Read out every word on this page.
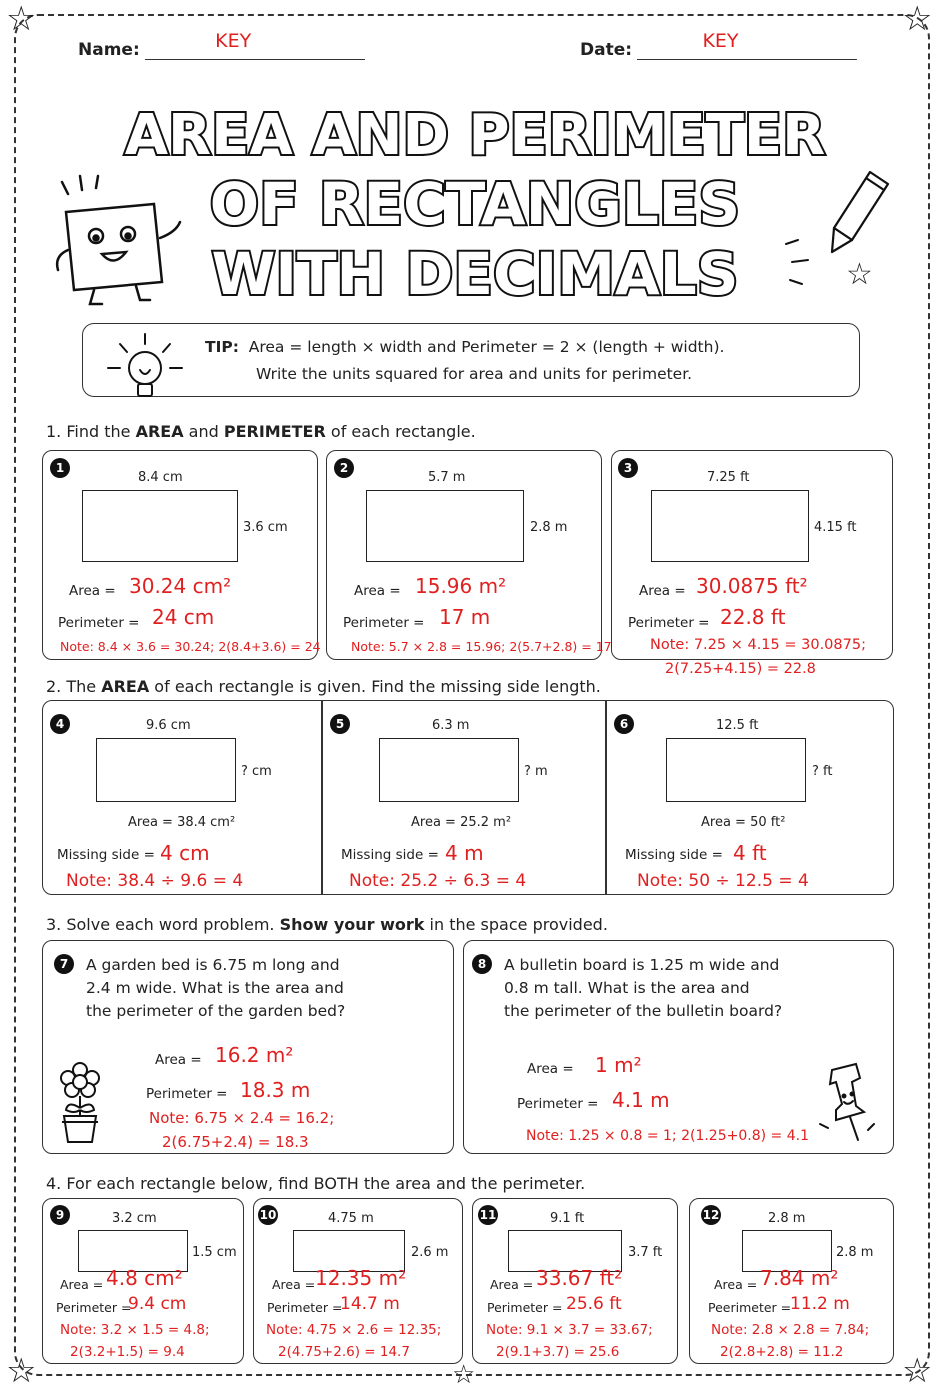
☆	☆
☆	☆
☆
Name:	KEY	Date:	KEY
AREA AND PERIMETER
OF RECTANGLES
WITH DECIMALS	☆
TIP: Area = length × width and Perimeter = 2 × (length + width).
Write the units squared for area and units for perimeter.
1. Find the AREA and PERIMETER of each rectangle.
1
8.4 cm
3.6 cm
Area = 30.24 cm²
Perimeter = 24 cm
Note: 8.4 × 3.6 = 30.24; 2(8.4+3.6) = 24
2
5.7 m
2.8 m
Area = 15.96 m²
Perimeter = 17 m
Note: 5.7 × 2.8 = 15.96; 2(5.7+2.8) = 17
3
7.25 ft
4.15 ft
Area = 30.0875 ft²
Perimeter = 22.8 ft
Note: 7.25 × 4.15 = 30.0875;
2(7.25+4.15) = 22.8
2. The AREA of each rectangle is given. Find the missing side length.
4	9.6 cm
? cm
Area = 38.4 cm²
Missing side = 4 cm
Note: 38.4 ÷ 9.6 = 4
5	6.3 m
? m
Area = 25.2 m²
Missing side = 4 m
Note: 25.2 ÷ 6.3 = 4
6	12.5 ft
? ft
Area = 50 ft²
Missing side = 4 ft
Note: 50 ÷ 12.5 = 4
3. Solve each word problem. Show your work in the space provided.
7	A garden bed is 6.75 m long and
2.4 m wide. What is the area and
the perimeter of the garden bed?
Area = 16.2 m²
Perimeter = 18.3 m
Note: 6.75 × 2.4 = 16.2;
2(6.75+2.4) = 18.3
8	A bulletin board is 1.25 m wide and
0.8 m tall. What is the area and
the perimeter of the bulletin board?
Area = 1 m²
Perimeter = 4.1 m
Note: 1.25 × 0.8 = 1; 2(1.25+0.8) = 4.1
4. For each rectangle below, find BOTH the area and the perimeter.
9	3.2 cm
1.5 cm
Area = 4.8 cm²
Perimeter =
9.4 cm
Note: 3.2 × 1.5 = 4.8;
2(3.2+1.5) = 9.4
10	4.75 m
2.6 m
Area = 12.35 m²
Perimeter =
14.7 m
Note: 4.75 × 2.6 = 12.35;
2(4.75+2.6) = 14.7
11	9.1 ft
3.7 ft
Area = 33.67 ft²
Perimeter = 25.6 ft
Note: 9.1 × 3.7 = 33.67;
2(9.1+3.7) = 25.6
12	2.8 m
2.8 m
Area = 7.84 m²
Peerimeter =
11.2 m
Note: 2.8 × 2.8 = 7.84;
2(2.8+2.8) = 11.2
